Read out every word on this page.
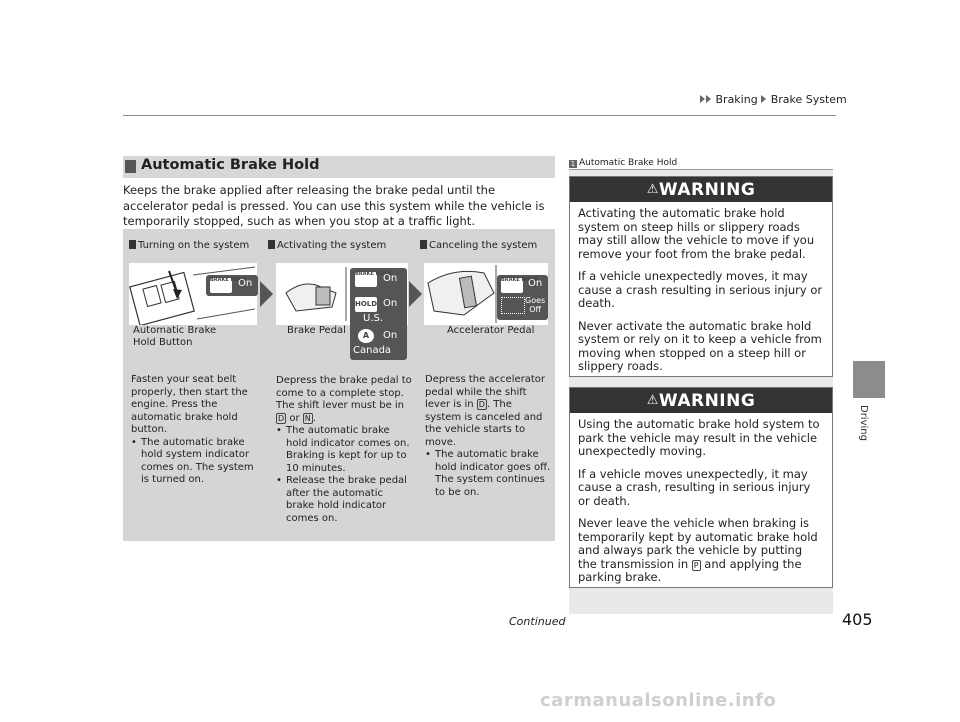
Braking Brake System
Driving
Automatic Brake Hold
Keeps the brake applied after releasing the brake pedal until the accelerator pedal is pressed. You can use this system while the vehicle is temporarily stopped, such as when you stop at a traffic light.
Turning on the system	Activating the system	Canceling the system
BRAKE HOLD
On
BRAKE HOLD
On
HOLD On
U.S.
A	On
Canada
BRAKE HOLD
On
Goes
Off
Automatic Brake
Hold Button
Brake Pedal	Accelerator Pedal
Fasten your seat belt properly, then start the engine. Press the automatic brake hold button.
• The automatic brake hold system indicator comes on. The system is turned on.
Depress the brake pedal to come to a complete stop. The shift lever must be in D or N .
• The automatic brake hold indicator comes on. Braking is kept for up to 10 minutes.
• Release the brake pedal after the automatic brake hold indicator comes on.
Depress the accelerator pedal while the shift lever is in D . The system is canceled and the vehicle starts to move.
• The automatic brake hold indicator goes off. The system continues to be on.
1 Automatic Brake Hold
⚠WARNING

Activating the automatic brake hold system on steep hills or slippery roads may still allow the vehicle to move if you remove your foot from the brake pedal.

If a vehicle unexpectedly moves, it may cause a crash resulting in serious injury or death.

Never activate the automatic brake hold system or rely on it to keep a vehicle from moving when stopped on a steep hill or slippery roads.

⚠WARNING

Using the automatic brake hold system to park the vehicle may result in the vehicle unexpectedly moving.

If a vehicle moves unexpectedly, it may cause a crash, resulting in serious injury or death.

Never leave the vehicle when braking is temporarily kept by automatic brake hold and always park the vehicle by putting the transmission in P and applying the parking brake.

Continued	405
carmanualsonline.info
